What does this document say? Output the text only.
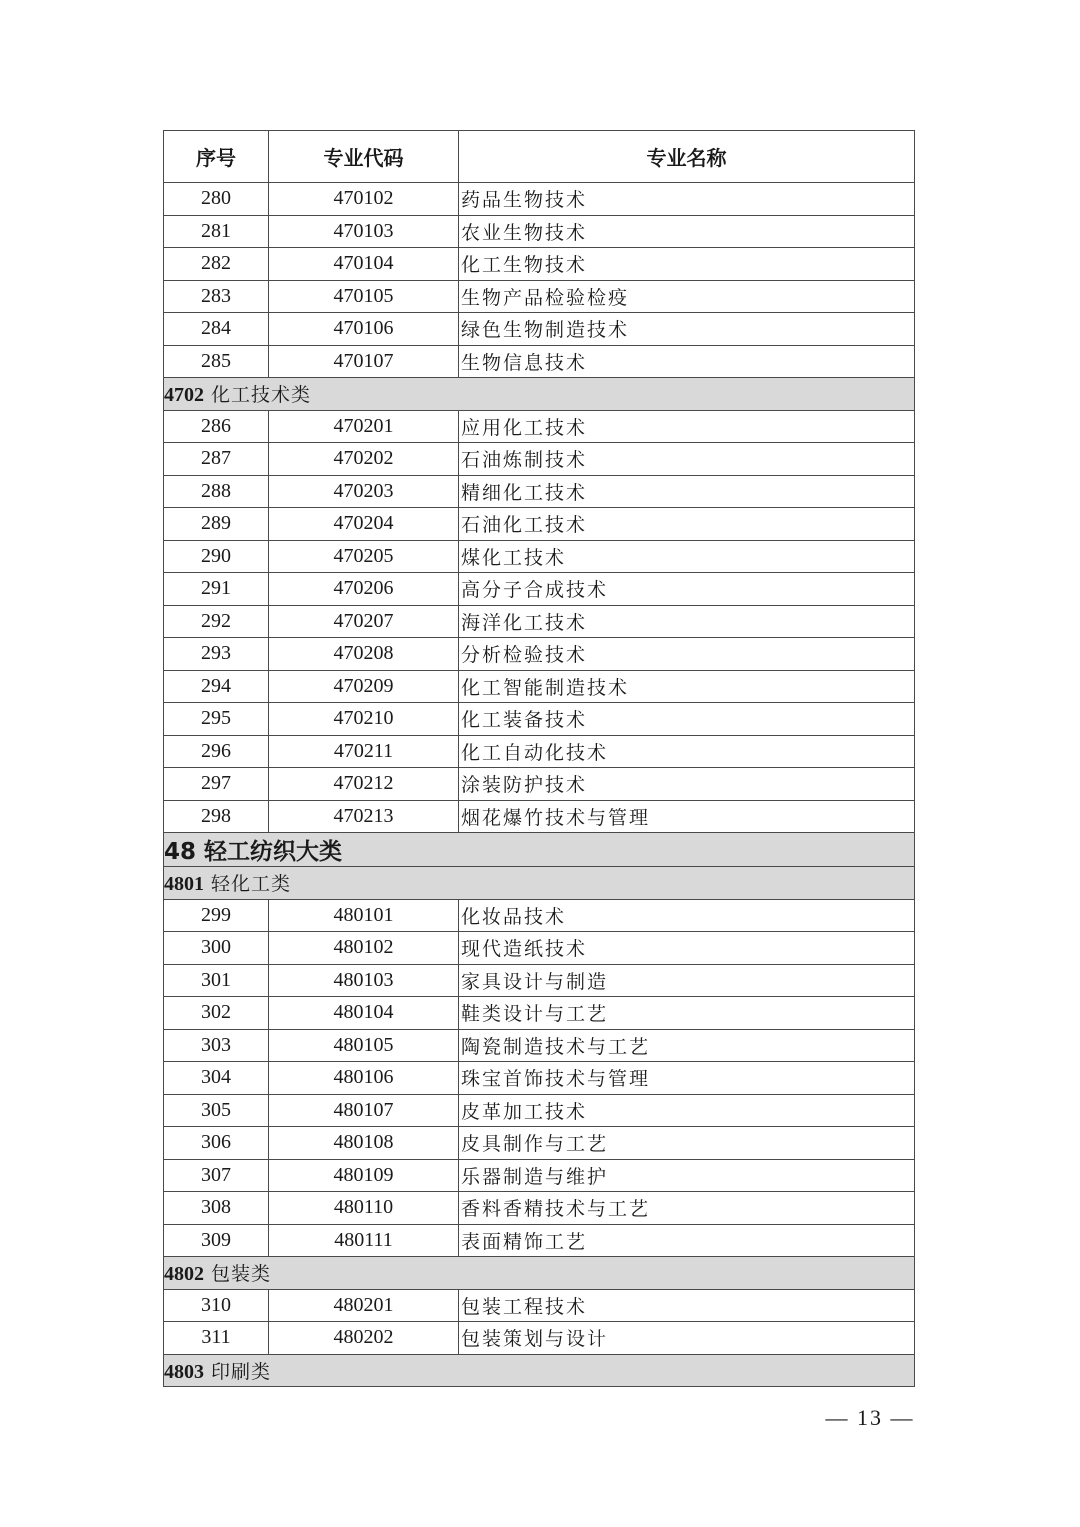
序号	专业代码	专业名称
280	470102	药品生物技术
281	470103	农业生物技术
282	470104	化工生物技术
283	470105	生物产品检验检疫
284	470106	绿色生物制造技术
285	470107	生物信息技术
4702 化工技术类		
286	470201	应用化工技术
287	470202	石油炼制技术
288	470203	精细化工技术
289	470204	石油化工技术
290	470205	煤化工技术
291	470206	高分子合成技术
292	470207	海洋化工技术
293	470208	分析检验技术
294	470209	化工智能制造技术
295	470210	化工装备技术
296	470211	化工自动化技术
297	470212	涂装防护技术
298	470213	烟花爆竹技术与管理
48 轻工纺织大类		
4801 轻化工类		
299	480101	化妆品技术
300	480102	现代造纸技术
301	480103	家具设计与制造
302	480104	鞋类设计与工艺
303	480105	陶瓷制造技术与工艺
304	480106	珠宝首饰技术与管理
305	480107	皮革加工技术
306	480108	皮具制作与工艺
307	480109	乐器制造与维护
308	480110	香料香精技术与工艺
309	480111	表面精饰工艺
4802 包装类		
310	480201	包装工程技术
311	480202	包装策划与设计
4803 印刷类		
— 13 —
